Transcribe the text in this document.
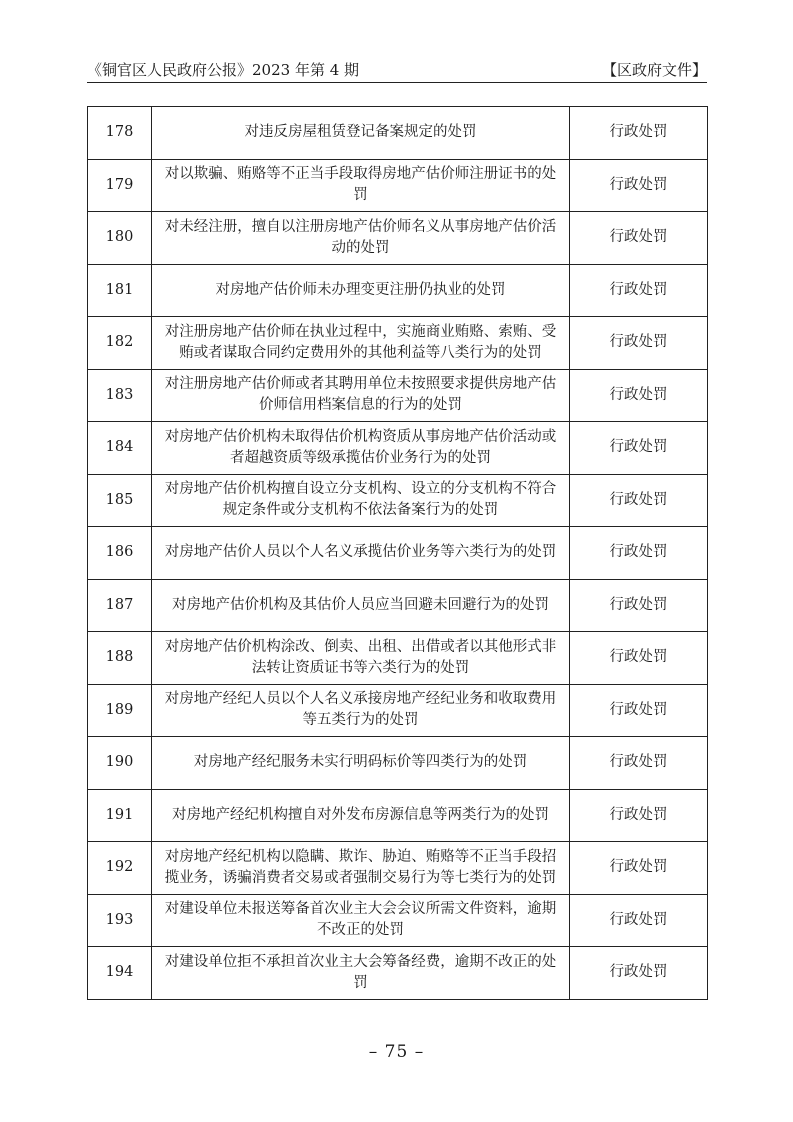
《铜官区人民政府公报》2023 年第 4 期	【区政府文件】
178	对违反房屋租赁登记备案规定的处罚	行政处罚
179	对以欺骗、贿赂等不正当手段取得房地产估价师注册证书的处罚	行政处罚
180	对未经注册，擅自以注册房地产估价师名义从事房地产估价活动的处罚	行政处罚
181	对房地产估价师未办理变更注册仍执业的处罚	行政处罚
182	对注册房地产估价师在执业过程中，实施商业贿赂、索贿、受贿或者谋取合同约定费用外的其他利益等八类行为的处罚	行政处罚
183	对注册房地产估价师或者其聘用单位未按照要求提供房地产估价师信用档案信息的行为的处罚	行政处罚
184	对房地产估价机构未取得估价机构资质从事房地产估价活动或者超越资质等级承揽估价业务行为的处罚	行政处罚
185	对房地产估价机构擅自设立分支机构、设立的分支机构不符合规定条件或分支机构不依法备案行为的处罚	行政处罚
186	对房地产估价人员以个人名义承揽估价业务等六类行为的处罚	行政处罚
187	对房地产估价机构及其估价人员应当回避未回避行为的处罚	行政处罚
188	对房地产估价机构涂改、倒卖、出租、出借或者以其他形式非法转让资质证书等六类行为的处罚	行政处罚
189	对房地产经纪人员以个人名义承接房地产经纪业务和收取费用等五类行为的处罚	行政处罚
190	对房地产经纪服务未实行明码标价等四类行为的处罚	行政处罚
191	对房地产经纪机构擅自对外发布房源信息等两类行为的处罚	行政处罚
192	对房地产经纪机构以隐瞒、欺诈、胁迫、贿赂等不正当手段招揽业务，诱骗消费者交易或者强制交易行为等七类行为的处罚	行政处罚
193	对建设单位未报送筹备首次业主大会会议所需文件资料，逾期不改正的处罚	行政处罚
194	对建设单位拒不承担首次业主大会筹备经费，逾期不改正的处罚	行政处罚
– 75 –
